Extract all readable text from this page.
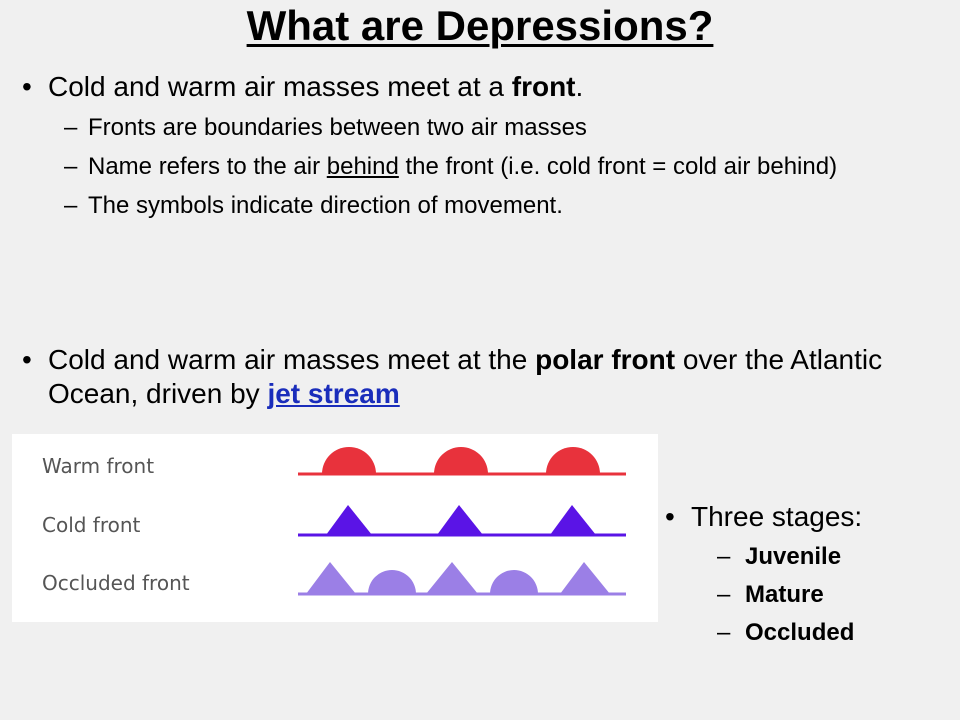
What are Depressions?
• Cold and warm air masses meet at a front.
– Fronts are boundaries between two air masses
– Name refers to the air behind the front (i.e. cold front = cold air behind)
– The symbols indicate direction of movement.
• Cold and warm air masses meet at the polar front over the Atlantic Ocean, driven by jet stream
Warm front
Cold front
Occluded front
• Three stages:
– Juvenile
– Mature
– Occluded
